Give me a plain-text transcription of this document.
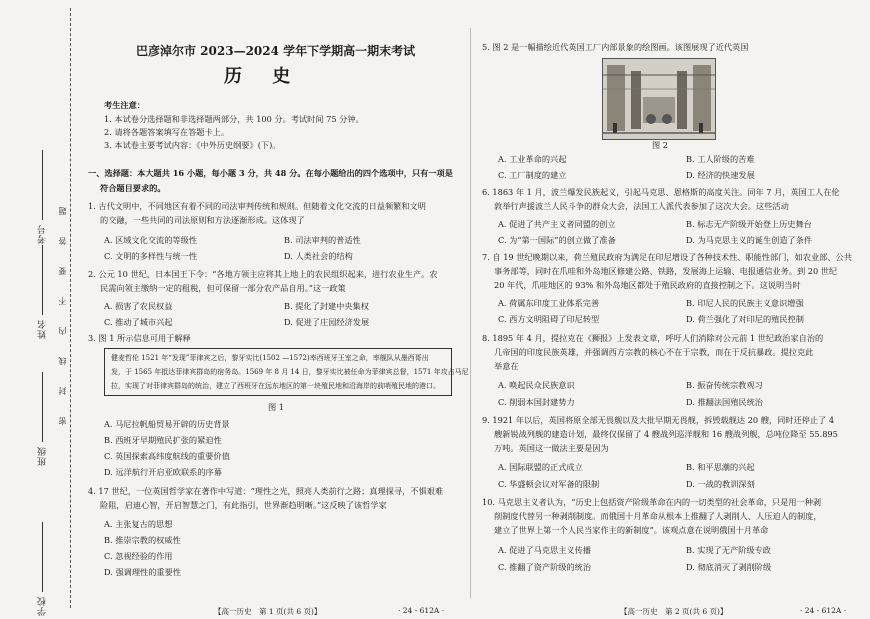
考号
姓名
班级
学校
题
答
要
不
内
线
封
密
巴彦淖尔市 2023—2024 学年下学期高一期末考试
历 史
考生注意：
1. 本试卷分选择题和非选择题两部分，共 100 分。考试时间 75 分钟。
2. 请将各题答案填写在答题卡上。
3. 本试卷主要考试内容：《中外历史纲要》(下)。
一、选择题：本大题共 16 小题，每小题 3 分，共 48 分。在每小题给出的四个选项中，只有一项是
符合题目要求的。
1. 古代文明中，不同地区有着不同的司法审判传统和规则。但随着文化交流的日益频繁和文明
的交融，一些共同的司法原则和方法逐渐形成。这体现了
A. 区域文化交流的等级性	B. 司法审判的普适性
C. 文明的多样性与统一性	D. 人类社会的结构
2. 公元 10 世纪，日本国王下令：“各地方领主应将其上地上的农民组织起来，进行农业生产。农
民需向领主缴纳一定的租税，但可保留一部分农产品自用。”这一政策
A. 损害了农民权益	B. 提化了封建中央集权
C. 推动了城市兴起	D. 促进了庄园经济发展
3. 图 1 所示信息可用于解释
健麦哲伦 1521 年“发现”菲律宾之后，黎牙实比(1502 —1572)率西班牙王室之命，率舰队从墨西哥出
发，于 1565 年抵达菲律宾群岛的宿务岛。1569 年 8 月 14 日，黎牙实比被任命为菲律宾总督，1571 年攻占马尼
拉，实现了对菲律宾群岛的统治，建立了西班牙在远东地区的第一块殖民地和沿海岸的前哨殖民地的港口。
图 1
A. 马尼拉帆船贸易开辟的历史背景
B. 西班牙早期殖民扩张的紧迫性
C. 英国探索高纬度航线的重要价值
D. 远洋航行开启亚欧联系的序幕
4. 17 世纪，一位英国哲学家在著作中写道：“理性之光，照亮人类前行之路；真理探寻，不惧艰难
险阻，启迪心智，开启智慧之门，有此指引，世界渐趋明晰。”这反映了该哲学家
A. 主张复古的思想
B. 推崇宗教的权威性
C. 忽视经验的作用
D. 强调理性的重要性
【高一历史　第 1 页(共 6 页)】	· 24 - 612A ·
5. 图 2 是一幅描绘近代英国工厂内部景象的绘图画。该图展现了近代英国
图 2
A. 工业革命的兴起	B. 工人阶级的苦难
C. 工厂制度的建立	D. 经济的快速发展
6. 1863 年 1 月，波兰爆发民族起义，引起马克思、恩格斯的高度关注。同年 7 月，英国工人在伦
敦举行声援波兰人民斗争的群众大会，法国工人派代表参加了这次大会。这些活动
A. 促进了共产主义者同盟的创立	B. 标志无产阶级开始登上历史舞台
C. 为“第一国际”的创立做了准备	D. 为马克思主义的诞生创造了条件
7. 自 19 世纪晚期以来，荷兰殖民政府为满足在印尼增设了各种技术性、职能性部门，如农业部、公共
事务部等，同时在爪哇和外岛地区修建公路、铁路，发展海上运输、电报通信业务。到 20 世纪
20 年代，爪哇地区的 93% 和外岛地区都处于殖民政府的直接控制之下。这说明当时
A. 荷属东印度工业体系完善	B. 印尼人民的民族主义意识增强
C. 西方文明阻碍了印尼转型	D. 荷兰强化了对印尼的殖民控制
8. 1895 年 4 月，提拉克在《狮报》上发表文章，呼吁人们消除对公元前 1 世纪政治家自治的
几帝国的印度民族英雄，并强调西方宗教的核心不在于宗教，而在于反抗暴政。提拉克此
举意在
A. 唤起民众民族意识	B. 振奋传统宗教观习
C. 削弱本国封建势力	D. 推翻法国殖民统治
9. 1921 年以后，英国将原全部无畏舰以及大批早期无畏舰，拆毁载舰达 20 艘，同时还停止了 4
艘新锐战列舰的建造计划，最终仅保留了 4 艘战列巡洋舰和 16 艘战列舰，总吨位降至 55.895
万吨。英国这一做法主要是因为
A. 国际联盟的正式成立	B. 和平思潮的兴起
C. 华盛顿会议对军备的限制	D. 一战的教训深刻
10. 马克思主义者认为，“历史上包括资产阶级革命在内的一切类型的社会革命，只是用一种剥
削制度代替另一种剥削制度。而俄国十月革命从根本上推翻了人剥削人、人压迫人的制度，
建立了世界上第一个人民当家作主的新制度”。该观点意在说明俄国十月革命
A. 促进了马克思主义传播	B. 实现了无产阶级专政
C. 推翻了资产阶级的统治	D. 彻底消灭了剥削阶级
【高一历史　第 2 页(共 6 页)】	· 24 - 612A ·
